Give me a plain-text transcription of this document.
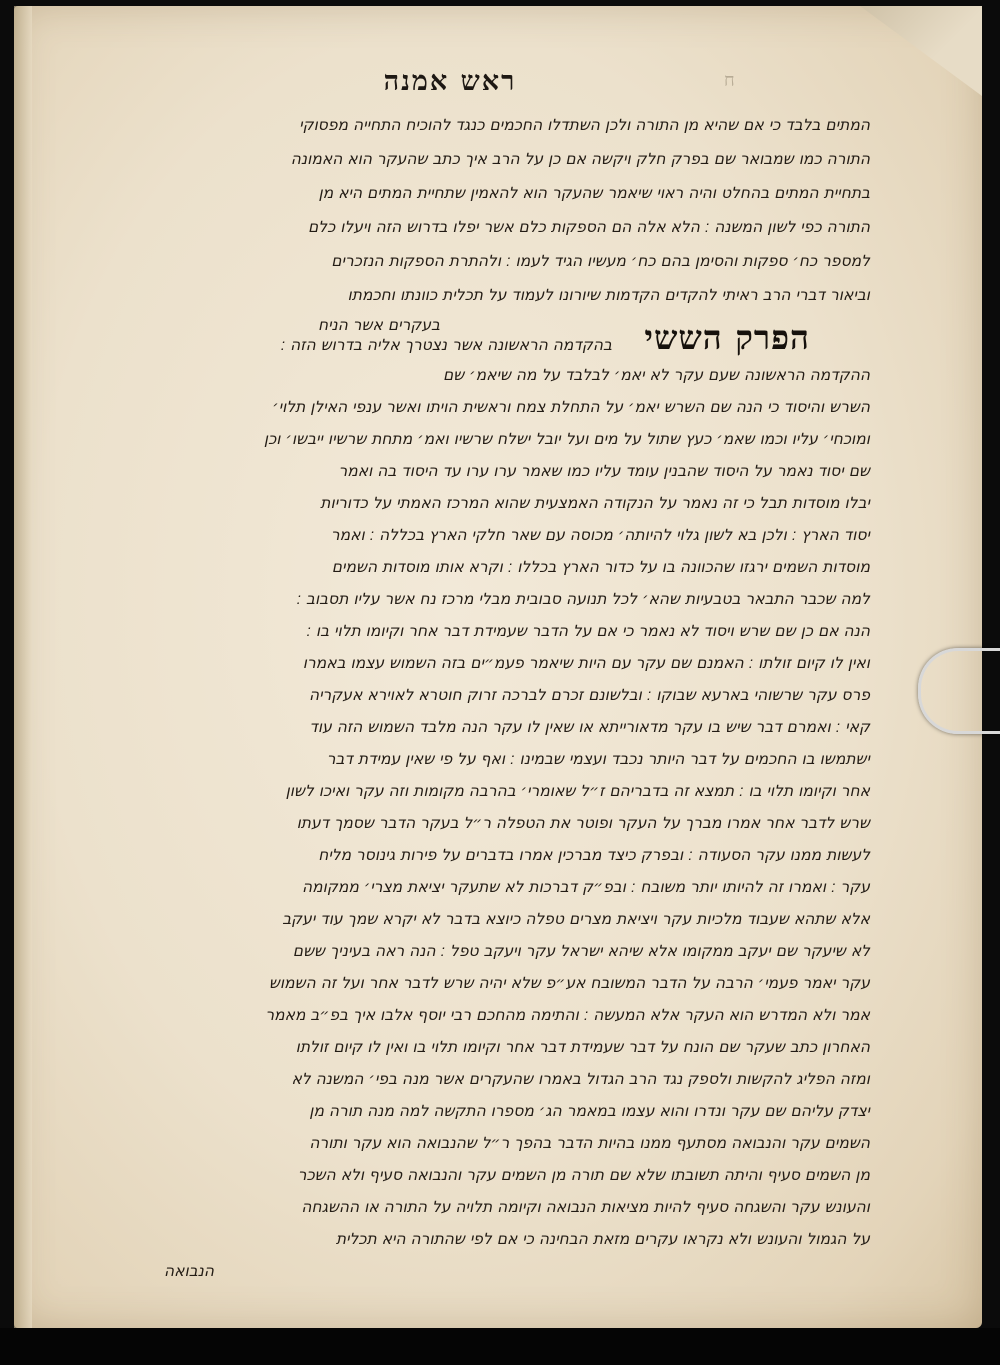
ראש אמנה	ח
המתים בלבד כי אם שהיא מן התורה ולכן השתדלו החכמים כנגד להוכיח התחייה מפסוקי
התורה כמו שמבואר שם בפרק חלק ויקשה אם כן על הרב איך כתב שהעקר הוא האמונה
בתחיית המתים בהחלט והיה ראוי שיאמר שהעקר הוא להאמין שתחיית המתים היא מן
התורה כפי לשון המשנה ׃ הלא אלה הם הספקות כלם אשר יפלו בדרוש הזה ויעלו כלם
למספר כח׳ ספקות והסימן בהם כח׳ מעשיו הגיד לעמו ׃ ולהתרת הספקות הנזכרים
וביאור דברי הרב ראיתי להקדים הקדמות שיורונו לעמוד על תכלית כוונתו וחכמתו
בעקרים אשר הניח	הפרק הששי
בהקדמה הראשונה אשר נצטרך אליה בדרוש הזה ׃
ההקדמה הראשונה שעם עקר לא יאמ׳ לבלבד על מה שיאמ׳ שם
השרש והיסוד כי הנה שם השרש יאמ׳ על התחלת צמח וראשית הויתו ואשר ענפי האילן תלוי׳
ומוכחי׳ עליו וכמו שאמ׳ כעץ שתול על מים ועל יובל ישלח שרשיו ואמ׳ מתחת שרשיו ייבשו׳ וכן
שם יסוד נאמר על היסוד שהבנין עומד עליו כמו שאמר ערו ערו עד היסוד בה ואמר
יבלו מוסדות תבל כי זה נאמר על הנקודה האמצעית שהוא המרכז האמתי על כדוריות
יסוד הארץ ׃ ולכן בא לשון גלוי להיותה׳ מכוסה עם שאר חלקי הארץ בכללה ׃ ואמר
מוסדות השמים ירגזו שהכוונה בו על כדור הארץ בכללו ׃ וקרא אותו מוסדות השמים
למה שכבר התבאר בטבעיות שהא׳ לכל תנועה סבובית מבלי מרכז נח אשר עליו תסבוב ׃
הנה אם כן שם שרש ויסוד לא נאמר כי אם על הדבר שעמידת דבר אחר וקיומו תלוי בו ׃
ואין לו קיום זולתו ׃ האמנם שם עקר עם היות שיאמר פעמ״ים בזה השמוש עצמו באמרו
פרס עקר שרשוהי בארעא שבוקו ׃ ובלשונם זכרם לברכה זרוק חוטרא לאוירא אעקריה
קאי ׃ ואמרם דבר שיש בו עקר מדאורייתא או שאין לו עקר הנה מלבד השמוש הזה עוד
ישתמשו בו החכמים על דבר היותר נכבד ועצמי שבמינו ׃ ואף על פי שאין עמידת דבר
אחר וקיומו תלוי בו ׃ תמצא זה בדבריהם ז״ל שאומרי׳ בהרבה מקומות וזה עקר ואיכו לשון
שרש לדבר אחר אמרו מברך על העקר ופוטר את הטפלה ר״ל בעקר הדבר שסמך דעתו
לעשות ממנו עקר הסעודה ׃ ובפרק כיצד מברכין אמרו בדברים על פירות גינוסר מליח
עקר ׃ ואמרו זה להיותו יותר משובח ׃ ובפ״ק דברכות לא שתעקר יציאת מצרי׳ ממקומה
אלא שתהא שעבוד מלכיות עקר ויציאת מצרים טפלה כיוצא בדבר לא יקרא שמך עוד יעקב
לא שיעקר שם יעקב ממקומו אלא שיהא ישראל עקר ויעקב טפל ׃ הנה ראה בעיניך ששם
עקר יאמר פעמי׳ הרבה על הדבר המשובח אע״פ שלא יהיה שרש לדבר אחר ועל זה השמוש
אמר ולא המדרש הוא העקר אלא המעשה ׃ והתימה מהחכם רבי יוסף אלבו איך בפ״ב מאמר
האחרון כתב שעקר שם הונח על דבר שעמידת דבר אחר וקיומו תלוי בו ואין לו קיום זולתו
ומזה הפליג להקשות ולספק נגד הרב הגדול באמרו שהעקרים אשר מנה בפי׳ המשנה לא
יצדק עליהם שם עקר ונדרו והוא עצמו במאמר הג׳ מספרו התקשה למה מנה תורה מן
השמים עקר והנבואה מסתעף ממנו בהיות הדבר בהפך ר״ל שהנבואה הוא עקר ותורה
מן השמים סעיף והיתה תשובתו שלא שם תורה מן השמים עקר והנבואה סעיף ולא השכר
והעונש עקר והשגחה סעיף להיות מציאות הנבואה וקיומה תלויה על התורה או ההשגחה
על הגמול והעונש ולא נקראו עקרים מזאת הבחינה כי אם לפי שהתורה היא תכלית
הנבואה
